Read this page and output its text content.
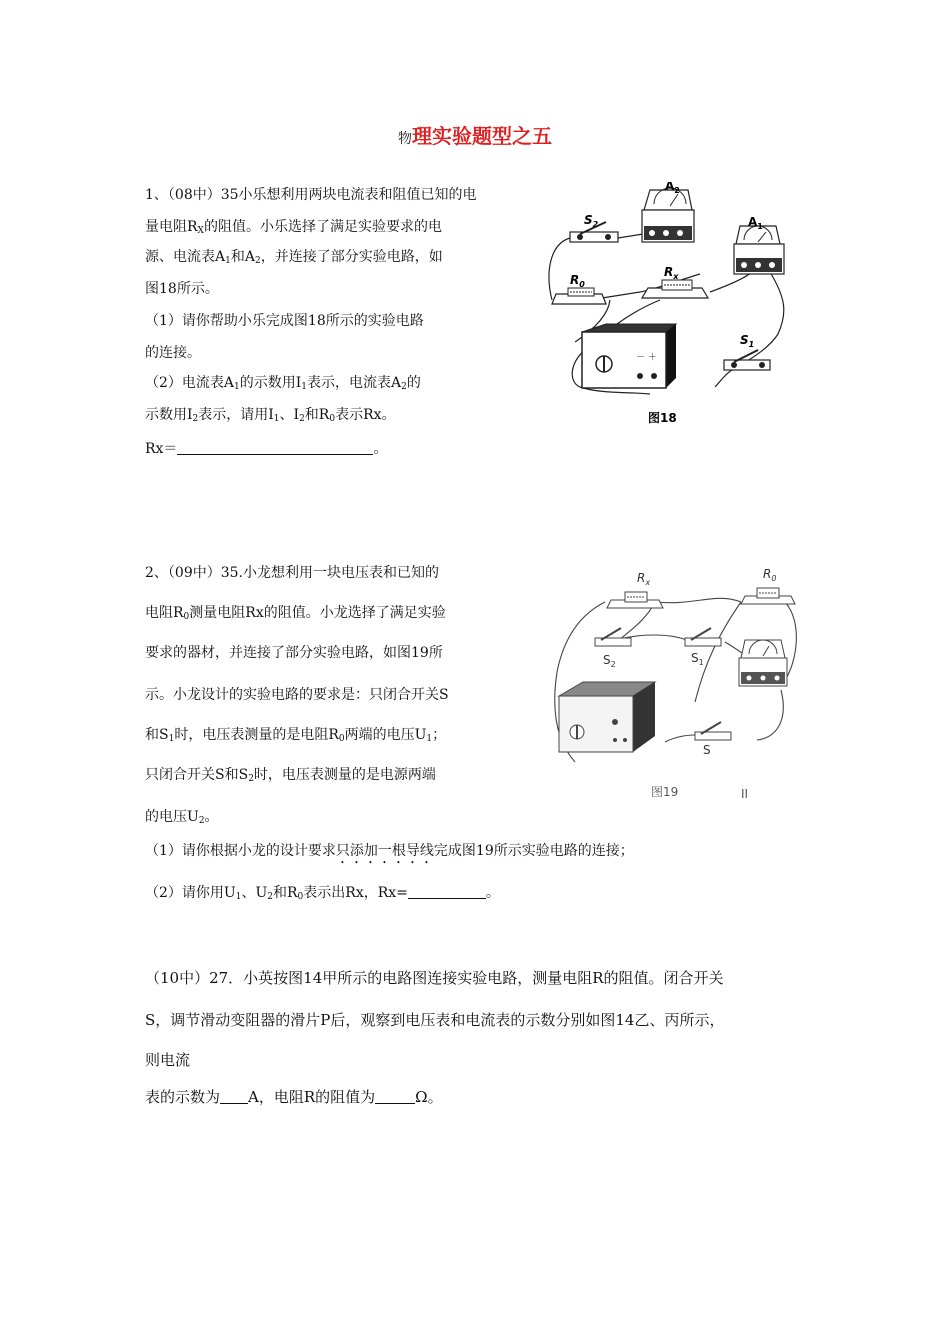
物理实验题型之五
1、（08中）35小乐想利用两块电流表和阻值已知的电
量电阻$R_X$的阻值。小乐选择了满足实验要求的电
源、电流表$A_1$和$A_2$，并连接了部分实验电路，如
图18所示。
（1）请你帮助小乐完成图18所示的实验电路
的连接。
（2）电流表$A_1$的示数用$I_1$表示，电流表$A_2$的
示数用$I_2$表示，请用$I_1$、$I_2$和$R_0$表示Rx。
Rx＝	。
$S_2$
$A_2$
$A_1$
$R_0$
$R_x$
－ ＋
$S_1$
图18
2、（09中）35.小龙想利用一块电压表和已知的
电阻$R_0$测量电阻Rx的阻值。小龙选择了满足实验
要求的器材，并连接了部分实验电路，如图19所
示。小龙设计的实验电路的要求是：只闭合开关S
和$S_1$时，电压表测量的是电阻$R_0$两端的电压$U_1$；
只闭合开关S和$S_2$时，电压表测量的是电源两端
的电压$U_2$。
（1）请你根据小龙的设计要求只添加一根导线完成图19所示实验电路的连接；
（2）请你用$U_1$、$U_2$和$R_0$表示出Rx，Rx=	。
$R_x$
$R_0$
$S_2$	$S_1$
S
图19	II
（10中）27．小英按图14甲所示的电路图连接实验电路，测量电阻R的阻值。闭合开关
S，调节滑动变阻器的滑片P后，观察到电压表和电流表的示数分别如图14乙、丙所示，
则电流
表的示数为 A，电阻R的阻值为	Ω。
